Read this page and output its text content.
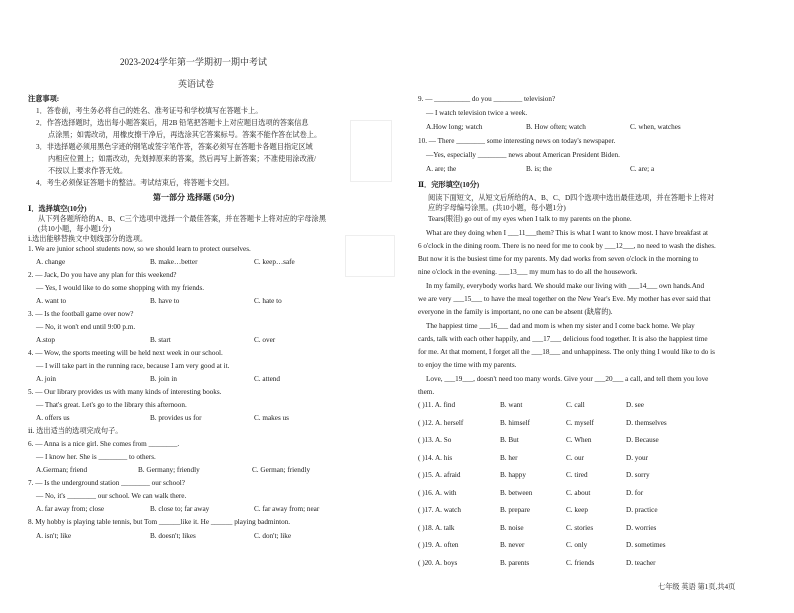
2023-2024学年第一学期初一期中考试
英语试卷
注意事项:
1．答卷前，考生务必将自己的姓名、准考证号和学校填写在答题卡上。
2．作答选择题时，选出每小题答案后，用2B 铅笔把答题卡上对应题目选项的答案信息
点涂黑；如需改动，用橡皮擦干净后，再选涂其它答案标号。答案不能作答在试卷上。
3．非选择题必须用黑色字迹的钢笔或签字笔作答，答案必须写在答题卡各题目指定区域
内相应位置上；如需改动，先划掉原来的答案，然后再写上新答案；不准使用涂改液/
不按以上要求作答无效。
4．考生必须保证答题卡的整洁。考试结束后，将答题卡交回。
第一部分 选择题 (50分)
Ⅰ．选择填空(10分)
从下列各题所给的A、B、C三个选项中选择一个最佳答案，并在答题卡上将对应的字母涂黑
(共10小题，每小题1分)
ⅰ.选出能够替换文中划线部分的选项。
1. We are junior school students now, so we should learn to protect ourselves.
A. change	B. make…better	C. keep…safe
2. — Jack, Do you have any plan for this weekend?
— Yes, I would like to do some shopping with my friends.
A. want to	B. have to	C. hate to
3. — Is the football game over now?
— No, it won't end until 9:00 p.m.
A.stop	B. start	C. over
4. — Wow, the sports meeting will be held next week in our school.
— I will take part in the running race, because I am very good at it.
A. join	B. join in	C. attend
5. — Our library provides us with many kinds of interesting books.
— That's great. Let's go to the library this afternoon.
A. offers us	B. provides us for	C. makes us
ⅱ. 选出适当的选项完成句子。
6. — Anna is a nice girl. She comes from ________.
— I know her. She is ________ to others.
A.German; friend	B. Germany; friendly	C. German; friendly
7. — Is the underground station ________ our school?
— No, it's ________ our school. We can walk there.
A. far away from; close	B. close to; far away	C. far away from; near
8. My hobby is playing table tennis, but Tom ______like it. He ______ playing badminton.
A. isn't; like	B. doesn't; likes	C. don't; like
9. — __________ do you ________ television?
— I watch television twice a week.
A.How long; watch	B. How often; watch	C. when, watches
10. — There ________ some interesting news on today's newspaper.
—Yes, especially ________ news about American President Biden.
A. are; the	B. is; the	C. are; a
Ⅱ．完形填空(10分)
阅读下面短文，从短文后所给的A、B、C、D四个选项中选出最佳选项，并在答题卡上将对
应的字母编号涂黑。(共10小题，每小题1分)
Tears(眼泪) go out of my eyes when I talk to my parents on the phone.
What are they doing when I ___11___them? This is what I want to know most. I have breakfast at
6 o'clock in the dining room. There is no need for me to cook by ___12___, no need to wash the dishes.
But now it is the busiest time for my parents. My dad works from seven o'clock in the morning to
nine o'clock in the evening. ___13___ my mum has to do all the housework.
In my family, everybody works hard. We should make our living with ___14___ own hands.And
we are very ___15___ to have the meal together on the New Year's Eve. My mother has ever said that
everyone in the family is important, no one can be absent (缺席的).
The happiest time ___16___ dad and mom is when my sister and I come back home. We play
cards, talk with each other happily, and ___17___ delicious food together. It is also the happiest time
for me. At that moment, I forget all the ___18___ and unhappiness. The only thing I would like to do is
to enjoy the time with my parents.
Love, ___19___, doesn't need too many words. Give your ___20___ a call, and tell them you love
them.
( )11. A. find	B. want	C. call	D. see
( )12. A. herself	B. himself	C. myself	D. themselves
( )13. A. So	B. But	C. When	D. Because
( )14. A. his	B. her	C. our	D. your
( )15. A. afraid	B. happy	C. tired	D. sorry
( )16. A. with	B. between	C. about	D. for
( )17. A. watch	B. prepare	C. keep	D. practice
( )18. A. talk	B. noise	C. stories	D. worries
( )19. A. often	B. never	C. only	D. sometimes
( )20. A. boys	B. parents	C. friends	D. teacher
七年级 英语 第1页,共4页
